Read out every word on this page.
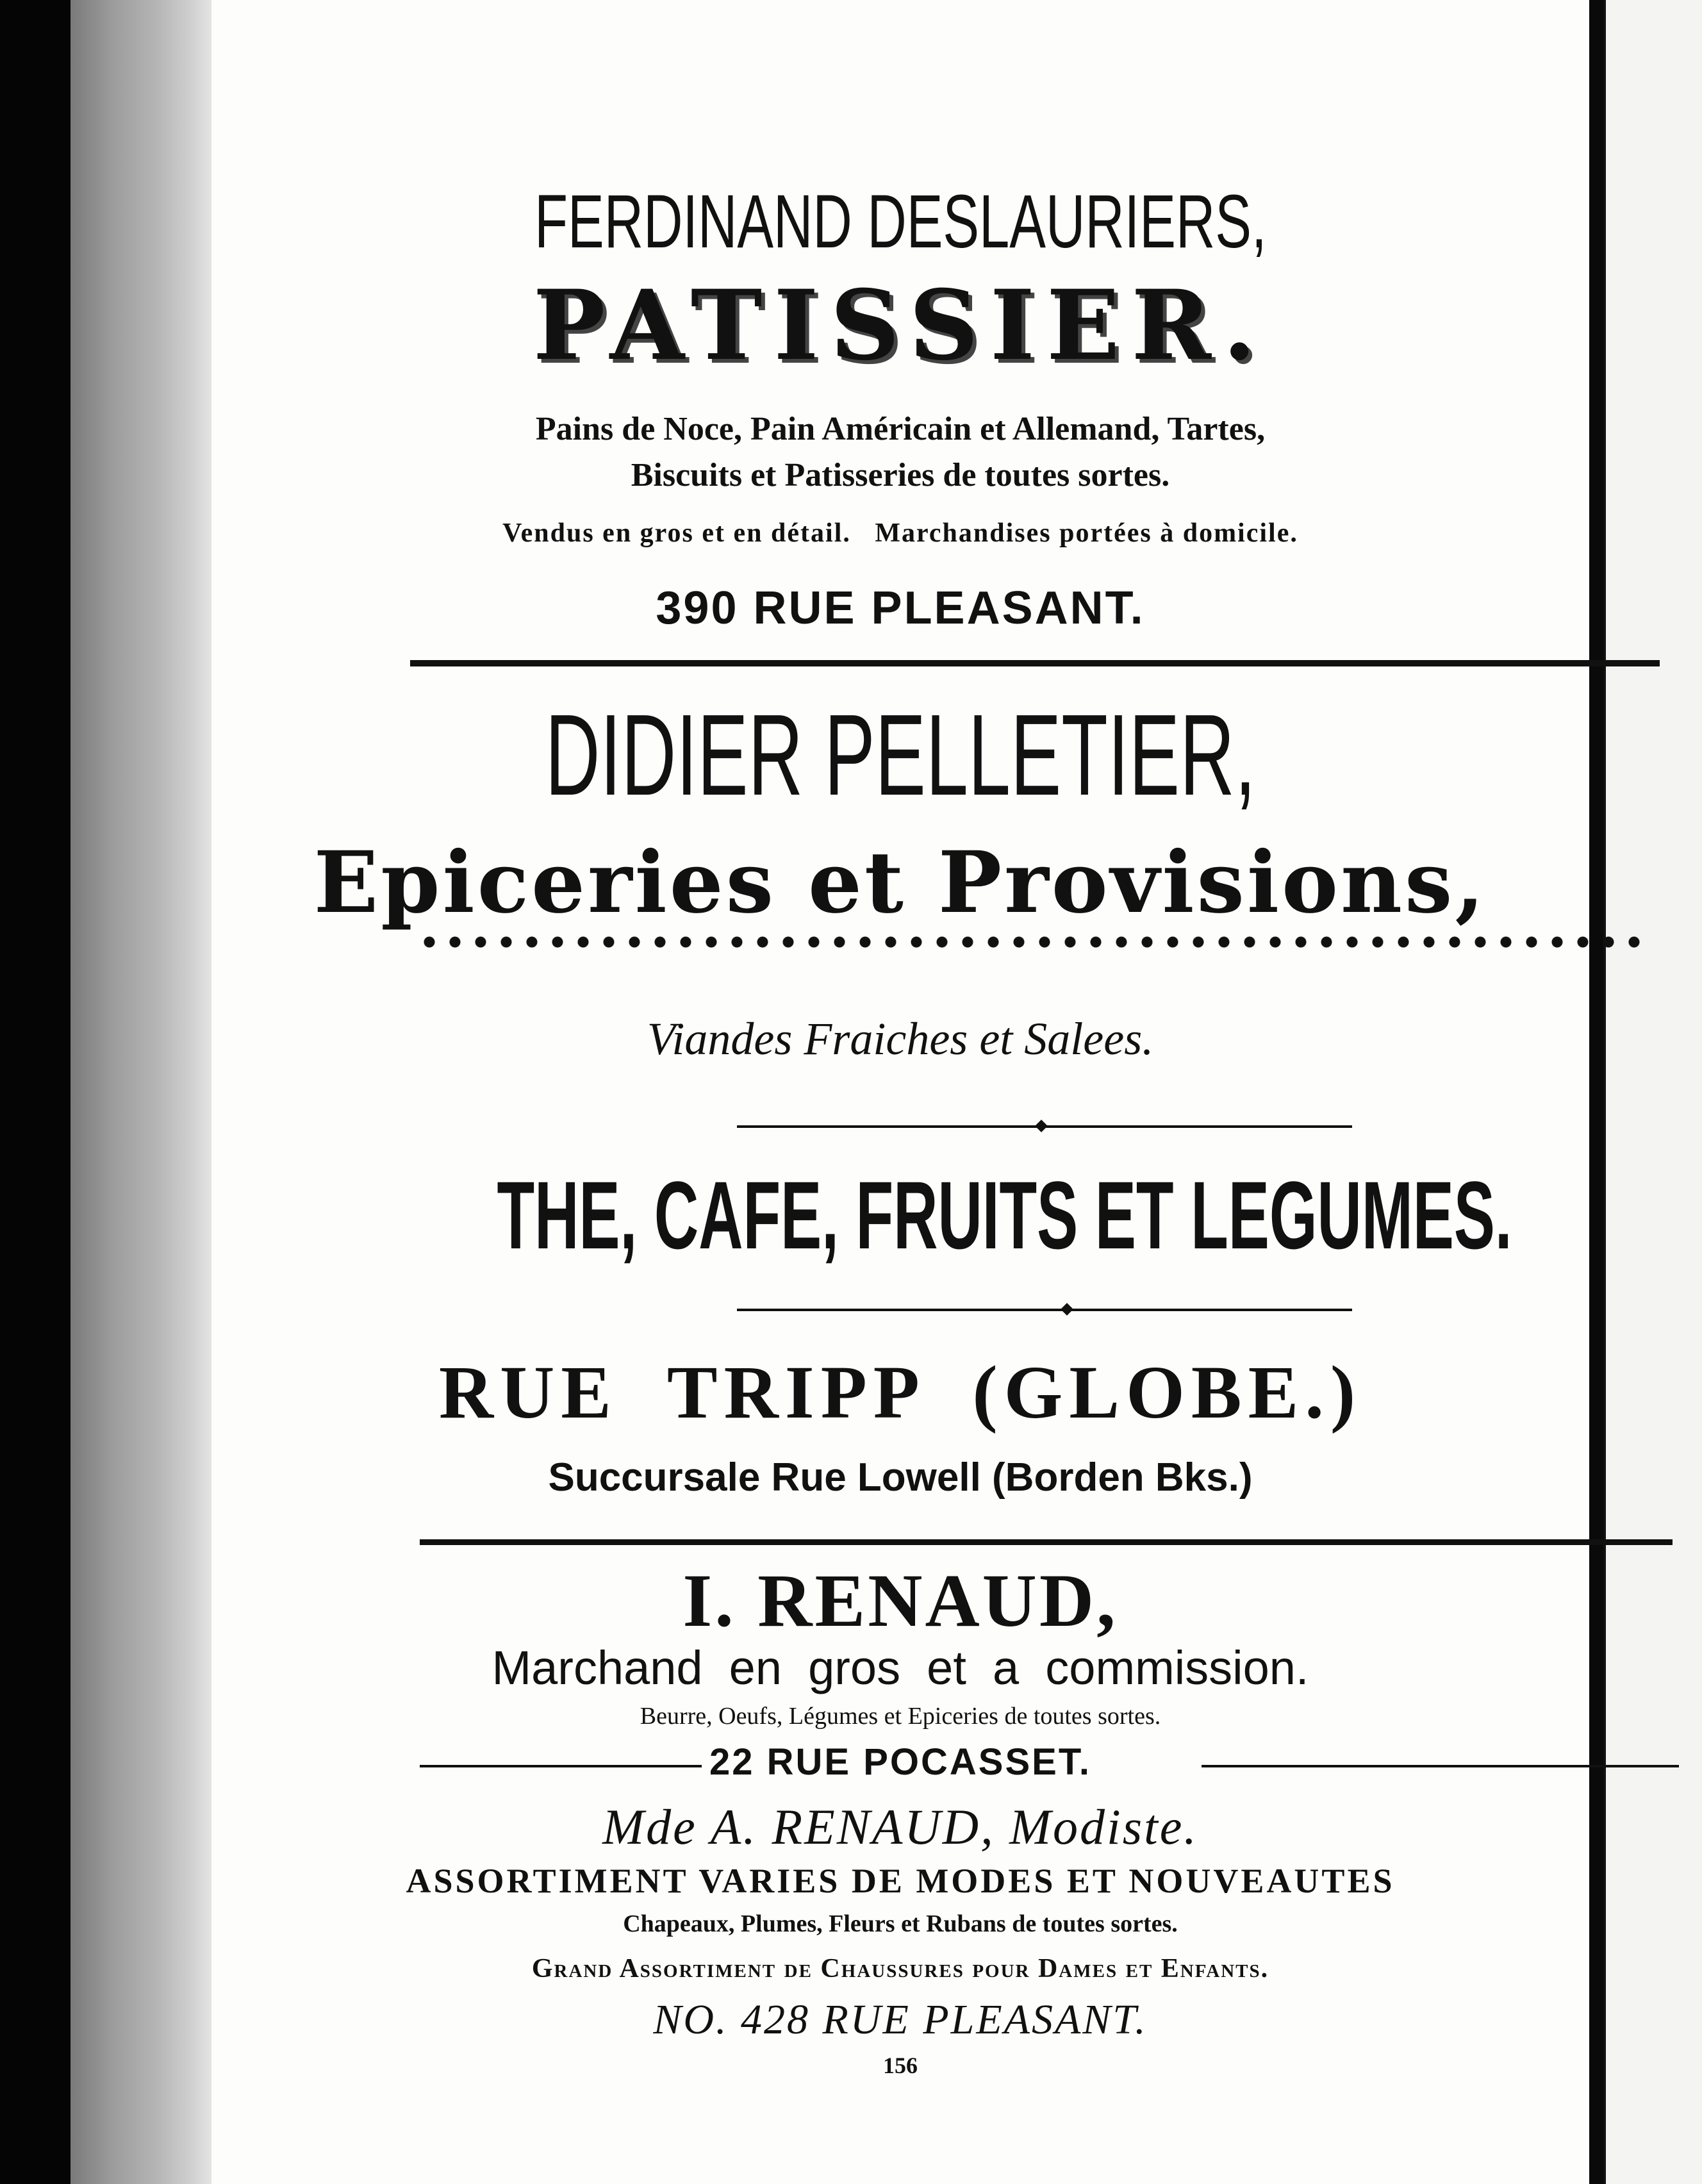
FERDINAND DESLAURIERS,
PATISSIER.
Pains de Noce, Pain Américain et Allemand, Tartes,
Biscuits et Patisseries de toutes sortes.
Vendus en gros et en détail.   Marchandises portées à domicile.
390 RUE PLEASANT.
DIDIER PELLETIER,
Epiceries et Provisions,
Viandes Fraiches et Salees.
THE, CAFE, FRUITS ET LEGUMES.
RUE  TRIPP  (GLOBE.)
Succursale Rue Lowell (Borden Bks.)
I. RENAUD,
Marchand  en  gros  et  a  commission.
Beurre, Oeufs, Légumes et Epiceries de toutes sortes.
22 RUE POCASSET.
Mde A. RENAUD, Modiste.
ASSORTIMENT VARIES DE MODES ET NOUVEAUTES
Chapeaux, Plumes, Fleurs et Rubans de toutes sortes.
Grand Assortiment de Chaussures pour Dames et Enfants.
NO. 428 RUE PLEASANT.
156
